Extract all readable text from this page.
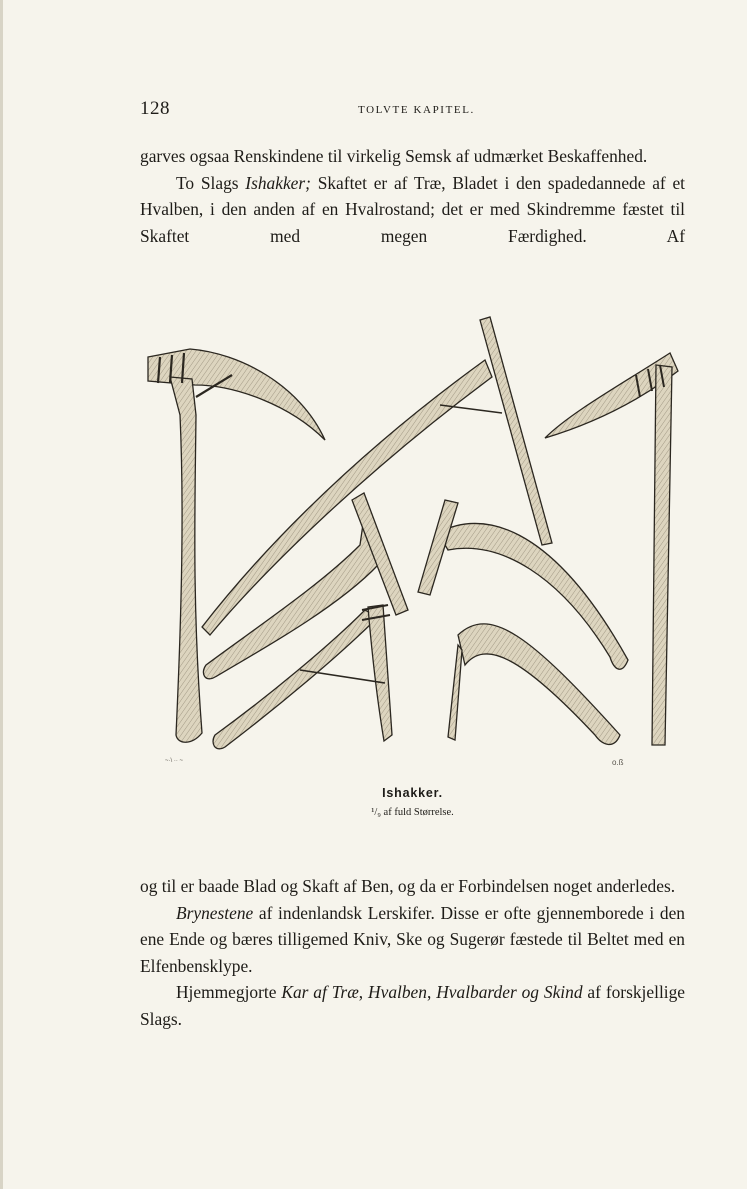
128	TOLVTE KAPITEL.

garves ogsaa Renskindene til virkelig Semsk af udmærket Beskaffenhed.

To Slags Ishakker; Skaftet er af Træ, Bladet i den spadedannede af et Hvalben, i den anden af en Hvalrostand; det er med Skindremme fæstet til Skaftet med megen Færdighed. Af

~·\ ·· ~	o.ß
Ishakker.
¹/₉ af fuld Størrelse.

og til er baade Blad og Skaft af Ben, og da er Forbindelsen noget anderledes.

Brynestene af indenlandsk Lerskifer. Disse er ofte gjennemborede i den ene Ende og bæres tilligemed Kniv, Ske og Sugerør fæstede til Beltet med en Elfenbensklype.

Hjemmegjorte Kar af Træ, Hvalben, Hvalbarder og Skind af forskjellige Slags.
